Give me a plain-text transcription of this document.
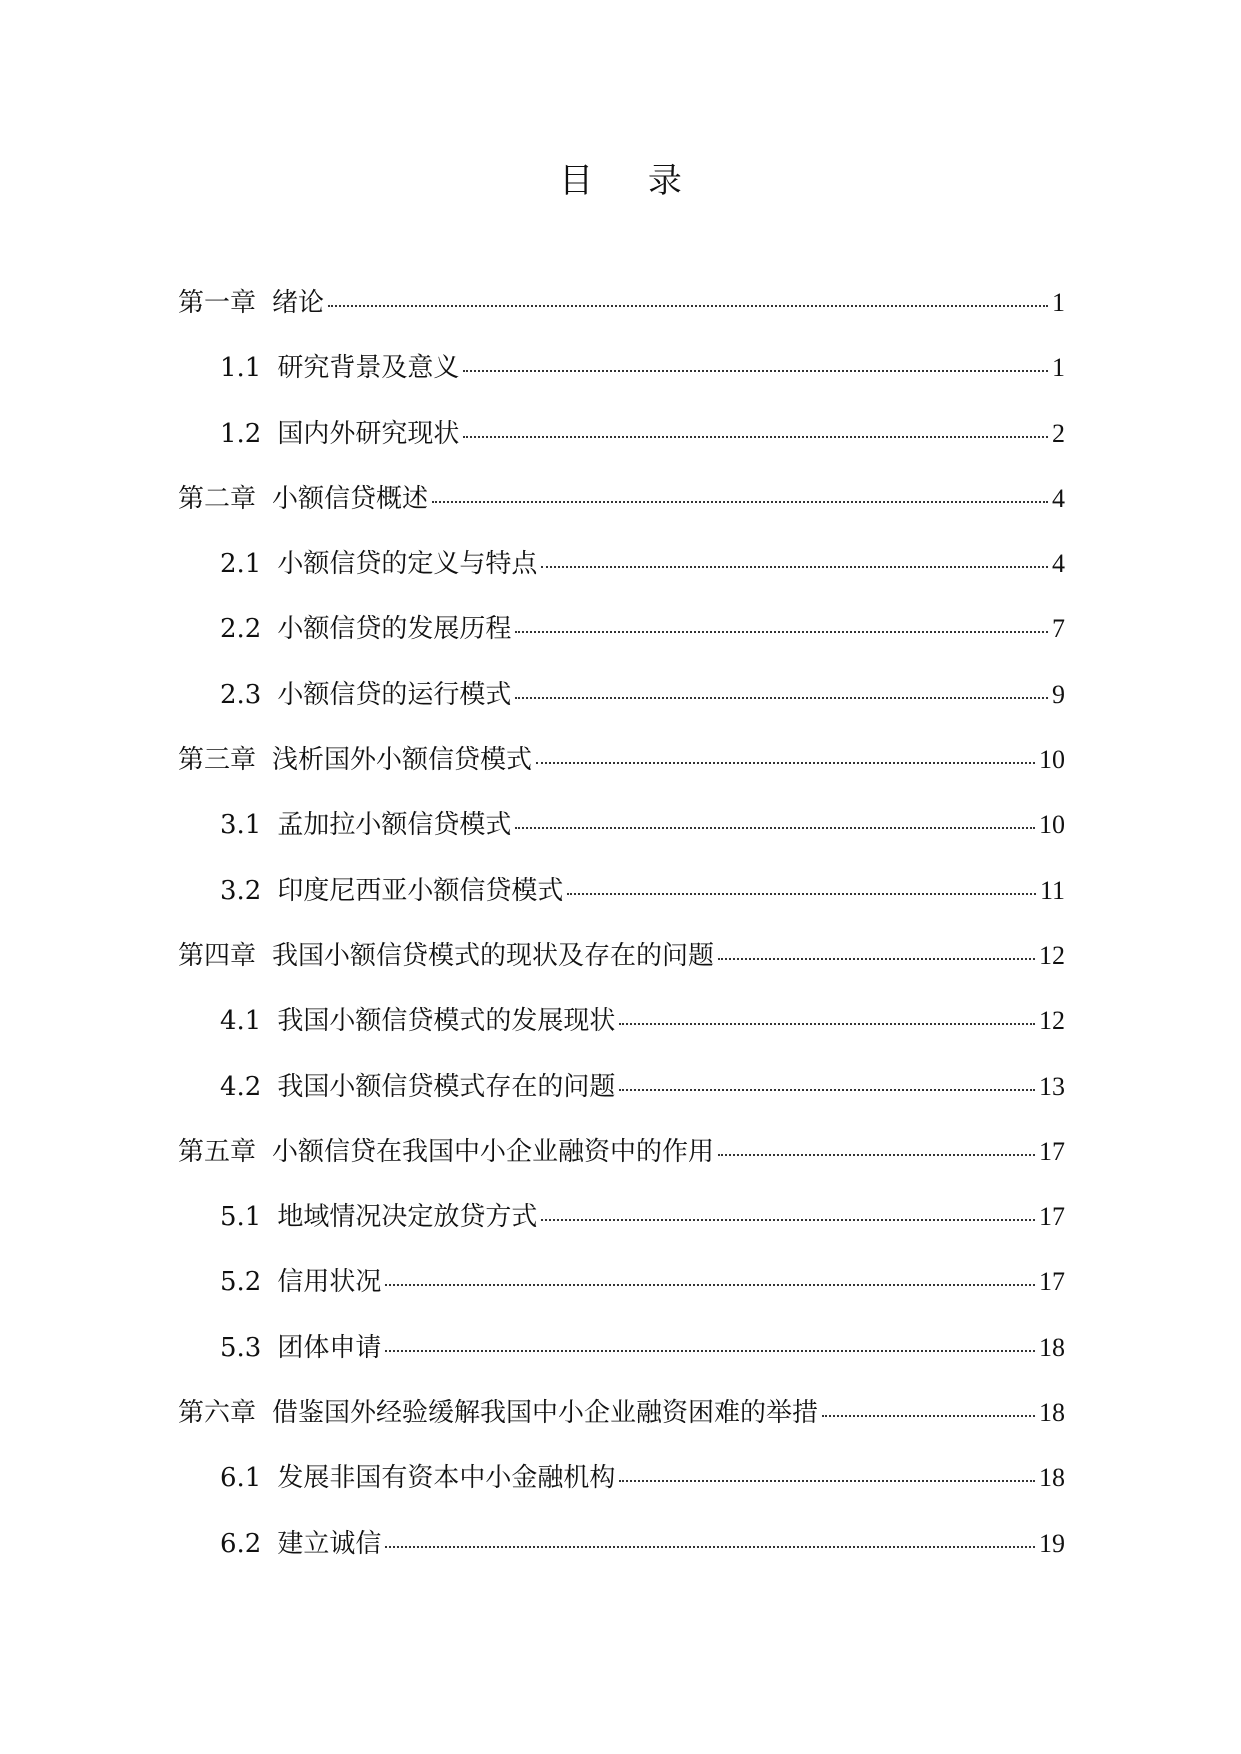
目 录
第一章 绪论	1
1.1 研究背景及意义	1
1.2 国内外研究现状	2
第二章 小额信贷概述	4
2.1 小额信贷的定义与特点	4
2.2 小额信贷的发展历程	7
2.3 小额信贷的运行模式	9
第三章 浅析国外小额信贷模式	10
3.1 孟加拉小额信贷模式	10
3.2 印度尼西亚小额信贷模式	11
第四章 我国小额信贷模式的现状及存在的问题	12
4.1 我国小额信贷模式的发展现状	12
4.2 我国小额信贷模式存在的问题	13
第五章 小额信贷在我国中小企业融资中的作用	17
5.1 地域情况决定放贷方式	17
5.2 信用状况	17
5.3 团体申请	18
第六章 借鉴国外经验缓解我国中小企业融资困难的举措	18
6.1 发展非国有资本中小金融机构	18
6.2 建立诚信	19
